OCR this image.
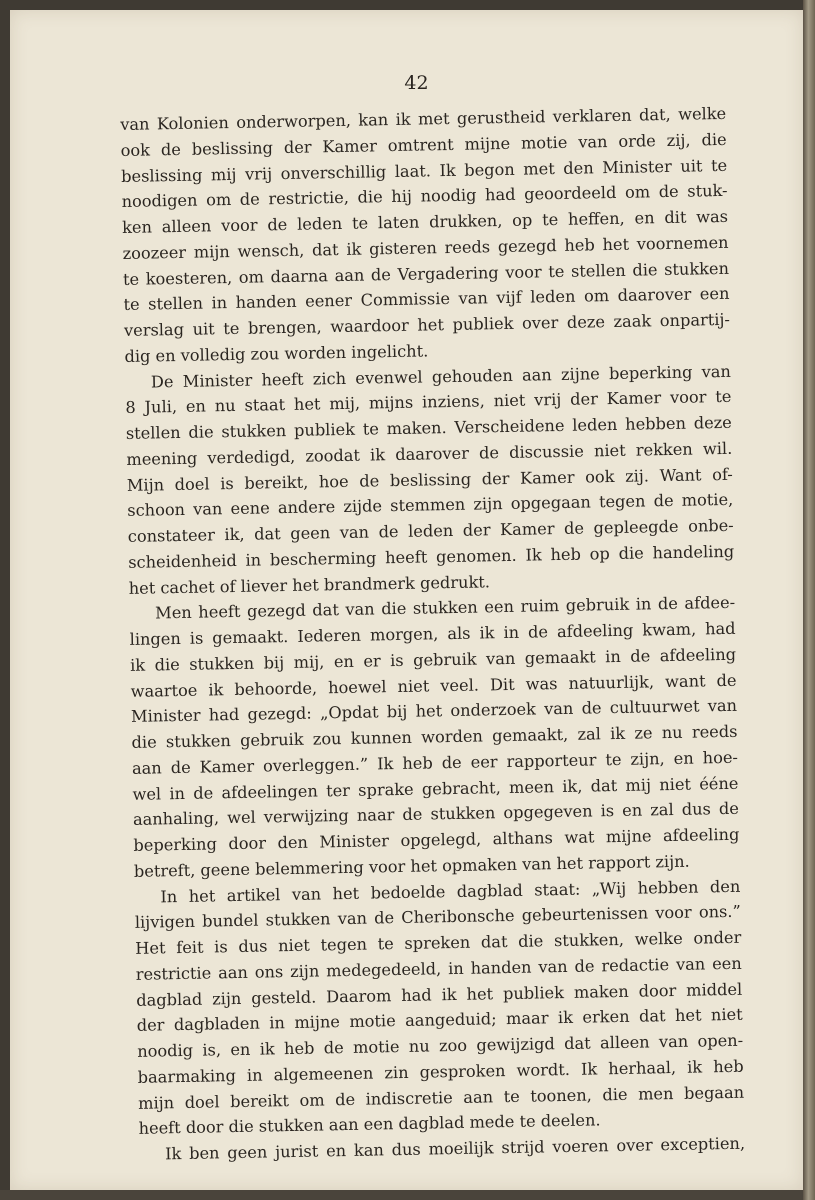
42
van Kolonien onderworpen, kan ik met gerustheid verklaren dat, welke
ook de beslissing der Kamer omtrent mijne motie van orde zij, die
beslissing mij vrij onverschillig laat. Ik begon met den Minister uit te
noodigen om de restrictie, die hij noodig had geoordeeld om de stuk-
ken alleen voor de leden te laten drukken, op te heffen, en dit was
zoozeer mijn wensch, dat ik gisteren reeds gezegd heb het voornemen
te koesteren, om daarna aan de Vergadering voor te stellen die stukken
te stellen in handen eener Commissie van vijf leden om daarover een
verslag uit te brengen, waardoor het publiek over deze zaak onpartij-
dig en volledig zou worden ingelicht.
De Minister heeft zich evenwel gehouden aan zijne beperking van
8 Juli, en nu staat het mij, mijns inziens, niet vrij der Kamer voor te
stellen die stukken publiek te maken. Verscheidene leden hebben deze
meening verdedigd, zoodat ik daarover de discussie niet rekken wil.
Mijn doel is bereikt, hoe de beslissing der Kamer ook zij. Want of-
schoon van eene andere zijde stemmen zijn opgegaan tegen de motie,
constateer ik, dat geen van de leden der Kamer de gepleegde onbe-
scheidenheid in bescherming heeft genomen. Ik heb op die handeling
het cachet of liever het brandmerk gedrukt.
Men heeft gezegd dat van die stukken een ruim gebruik in de afdee-
lingen is gemaakt. Iederen morgen, als ik in de afdeeling kwam, had
ik die stukken bij mij, en er is gebruik van gemaakt in de afdeeling
waartoe ik behoorde, hoewel niet veel. Dit was natuurlijk, want de
Minister had gezegd: „Opdat bij het onderzoek van de cultuurwet van
die stukken gebruik zou kunnen worden gemaakt, zal ik ze nu reeds
aan de Kamer overleggen.” Ik heb de eer rapporteur te zijn, en hoe-
wel in de afdeelingen ter sprake gebracht, meen ik, dat mij niet ééne
aanhaling, wel verwijzing naar de stukken opgegeven is en zal dus de
beperking door den Minister opgelegd, althans wat mijne afdeeling
betreft, geene belemmering voor het opmaken van het rapport zijn.
In het artikel van het bedoelde dagblad staat: „Wij hebben den
lijvigen bundel stukken van de Cheribonsche gebeurtenissen voor ons.”
Het feit is dus niet tegen te spreken dat die stukken, welke onder
restrictie aan ons zijn medegedeeld, in handen van de redactie van een
dagblad zijn gesteld. Daarom had ik het publiek maken door middel
der dagbladen in mijne motie aangeduid; maar ik erken dat het niet
noodig is, en ik heb de motie nu zoo gewijzigd dat alleen van open-
baarmaking in algemeenen zin gesproken wordt. Ik herhaal, ik heb
mijn doel bereikt om de indiscretie aan te toonen, die men begaan
heeft door die stukken aan een dagblad mede te deelen.
Ik ben geen jurist en kan dus moeilijk strijd voeren over exceptien,
